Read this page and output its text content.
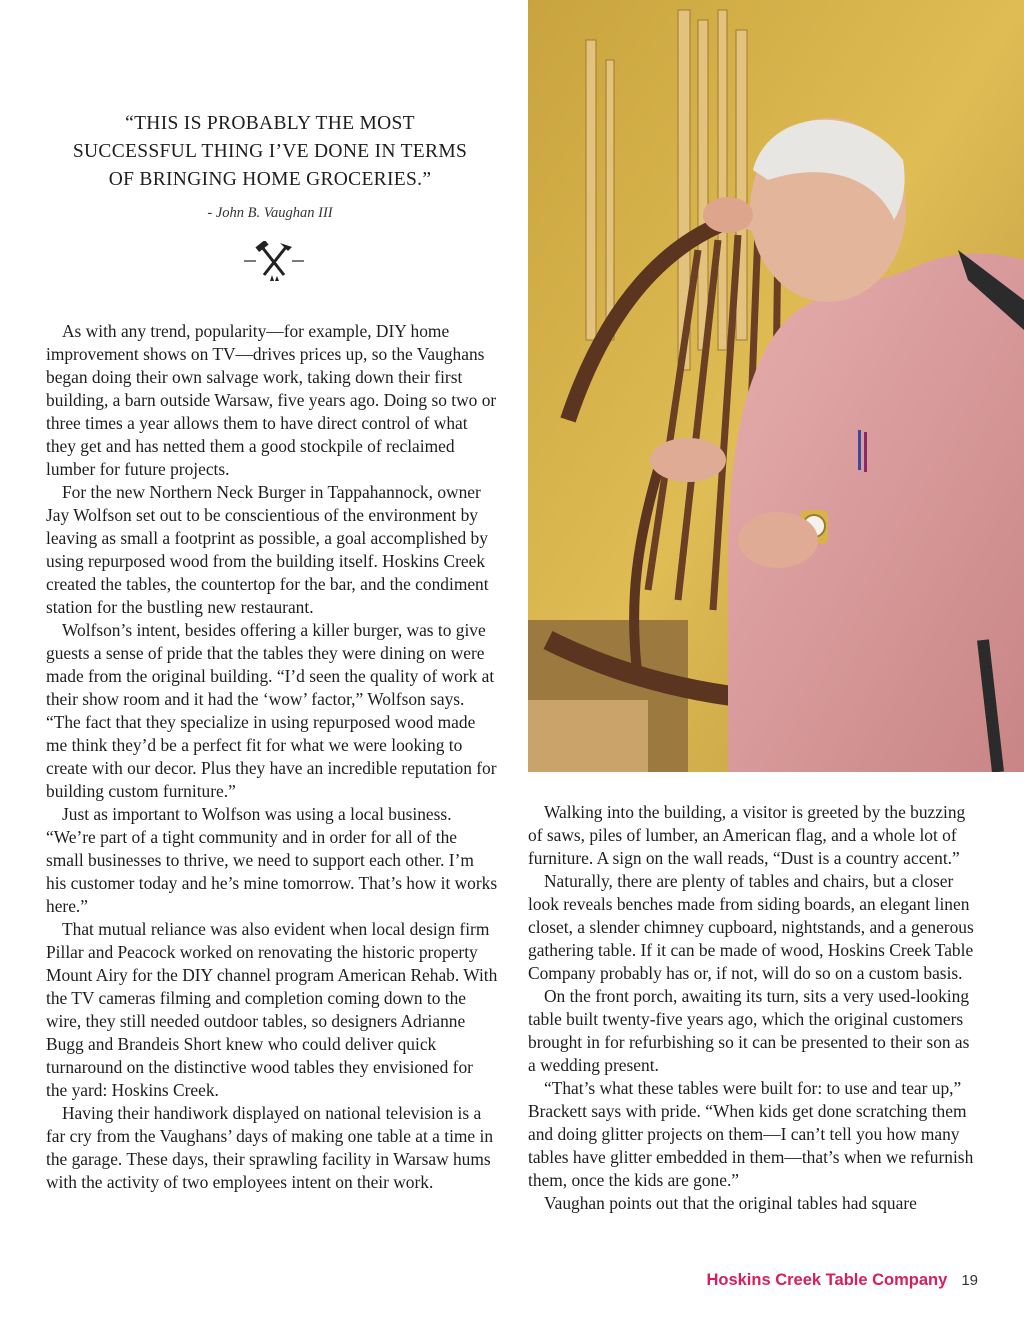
“THIS IS PROBABLY THE MOST
SUCCESSFUL THING I’VE DONE IN TERMS
OF BRINGING HOME GROCERIES.”
- John B. Vaughan III

As with any trend, popularity—for example, DIY home improvement shows on TV—drives prices up, so the Vaughans began doing their own salvage work, taking down their first building, a barn outside Warsaw, five years ago. Doing so two or three times a year allows them to have direct control of what they get and has netted them a good stockpile of reclaimed lumber for future projects.

For the new Northern Neck Burger in Tappahannock, owner Jay Wolfson set out to be conscientious of the environment by leaving as small a footprint as possible, a goal accomplished by using repurposed wood from the building itself. Hoskins Creek created the tables, the countertop for the bar, and the condiment station for the bustling new restaurant.

Wolfson’s intent, besides offering a killer burger, was to give guests a sense of pride that the tables they were dining on were made from the original building. “I’d seen the quality of work at their show room and it had the ‘wow’ factor,” Wolfson says. “The fact that they specialize in using repurposed wood made me think they’d be a perfect fit for what we were looking to create with our decor. Plus they have an incredible reputation for building custom furniture.”

Just as important to Wolfson was using a local business. “We’re part of a tight community and in order for all of the small businesses to thrive, we need to support each other. I’m his customer today and he’s mine tomorrow. That’s how it works here.”

That mutual reliance was also evident when local design firm Pillar and Peacock worked on renovating the historic property Mount Airy for the DIY channel program American Rehab. With the TV cameras filming and completion coming down to the wire, they still needed outdoor tables, so designers Adrianne Bugg and Brandeis Short knew who could deliver quick turnaround on the distinctive wood tables they envisioned for the yard: Hoskins Creek.

Having their handiwork displayed on national television is a far cry from the Vaughans’ days of making one table at a time in the garage. These days, their sprawling facility in Warsaw hums with the activity of two employees intent on their work.

Walking into the building, a visitor is greeted by the buzzing of saws, piles of lumber, an American flag, and a whole lot of furniture. A sign on the wall reads, “Dust is a country accent.”

Naturally, there are plenty of tables and chairs, but a closer look reveals benches made from siding boards, an elegant linen closet, a slender chimney cupboard, nightstands, and a generous gathering table. If it can be made of wood, Hoskins Creek Table Company probably has or, if not, will do so on a custom basis.

On the front porch, awaiting its turn, sits a very used-looking table built twenty-five years ago, which the original customers brought in for refurbishing so it can be presented to their son as a wedding present.

“That’s what these tables were built for: to use and tear up,” Brackett says with pride. “When kids get done scratching them and doing glitter projects on them—I can’t tell you how many tables have glitter embedded in them—that’s when we refurnish them, once the kids are gone.”

Vaughan points out that the original tables had square

Hoskins Creek Table Company 19
